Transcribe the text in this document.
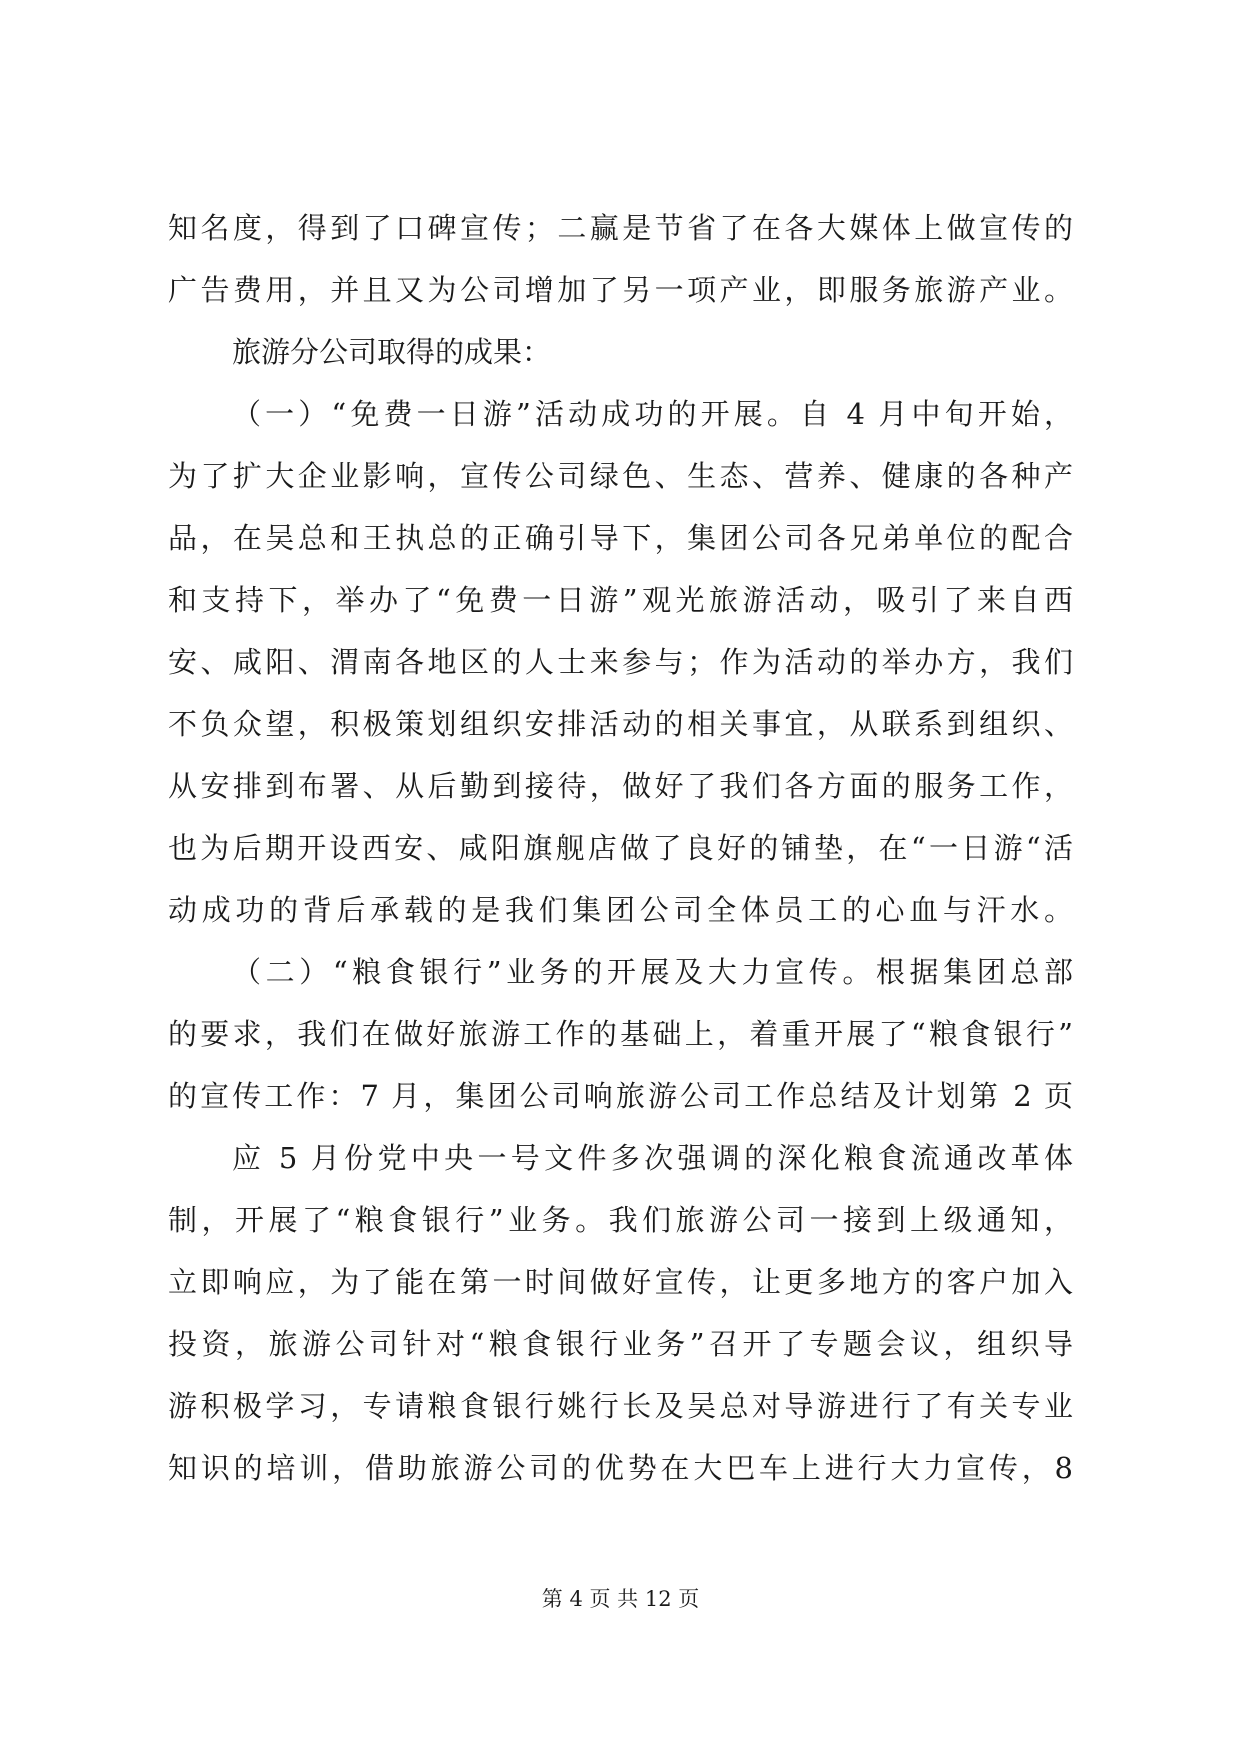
知名度，得到了口碑宣传；二赢是节省了在各大媒体上做宣传的
广告费用，并且又为公司增加了另一项产业，即服务旅游产业。
旅游分公司取得的成果：
（一）“免费一日游”活动成功的开展。自 4 月中旬开始，
为了扩大企业影响，宣传公司绿色、生态、营养、健康的各种产
品，在吴总和王执总的正确引导下，集团公司各兄弟单位的配合
和支持下，举办了“免费一日游”观光旅游活动，吸引了来自西
安、咸阳、渭南各地区的人士来参与；作为活动的举办方，我们
不负众望，积极策划组织安排活动的相关事宜，从联系到组织、
从安排到布署、从后勤到接待，做好了我们各方面的服务工作，
也为后期开设西安、咸阳旗舰店做了良好的铺垫，在“一日游“活
动成功的背后承载的是我们集团公司全体员工的心血与汗水。
（二）“粮食银行”业务的开展及大力宣传。根据集团总部
的要求，我们在做好旅游工作的基础上，着重开展了“粮食银行”
的宣传工作：7 月，集团公司响旅游公司工作总结及计划第 2 页
应 5 月份党中央一号文件多次强调的深化粮食流通改革体
制，开展了“粮食银行”业务。我们旅游公司一接到上级通知，
立即响应，为了能在第一时间做好宣传，让更多地方的客户加入
投资，旅游公司针对“粮食银行业务”召开了专题会议，组织导
游积极学习，专请粮食银行姚行长及吴总对导游进行了有关专业
知识的培训，借助旅游公司的优势在大巴车上进行大力宣传，8
第 4 页 共 12 页
